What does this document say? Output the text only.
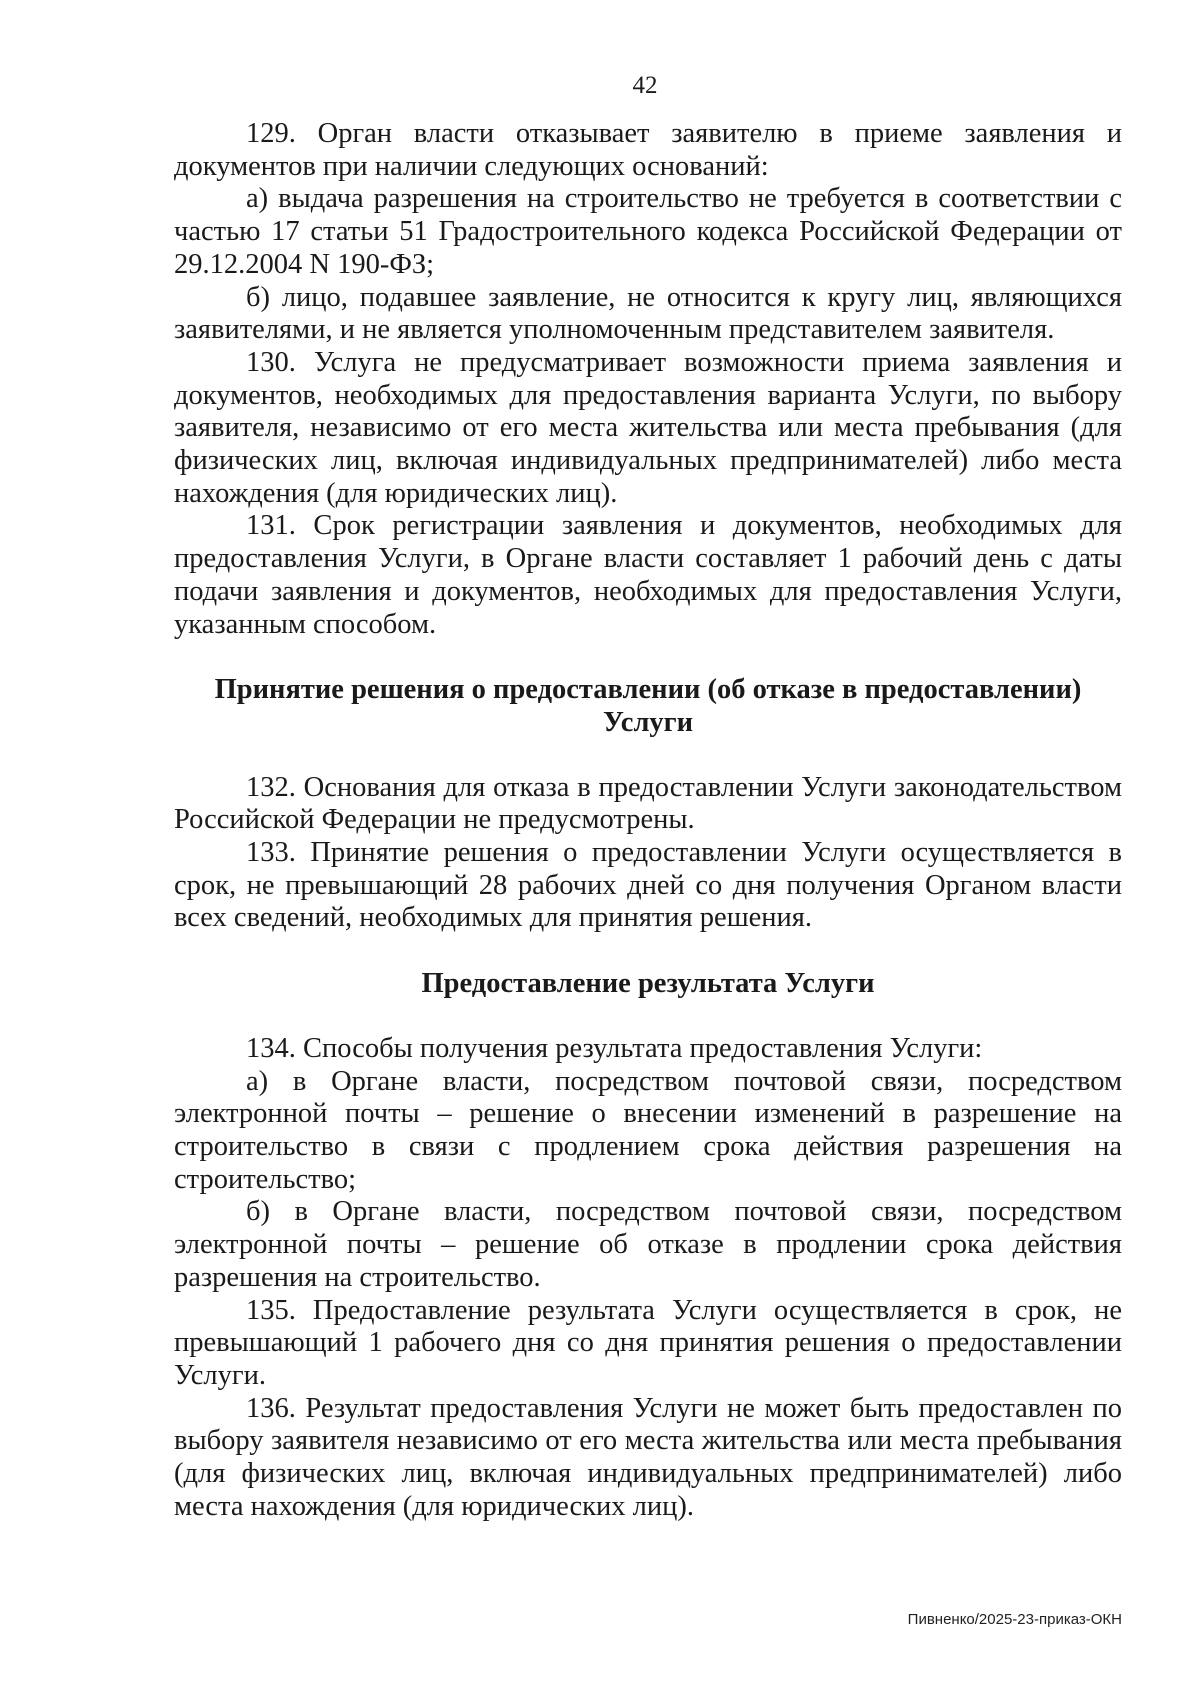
42

129. Орган власти отказывает заявителю в приеме заявления и документов при наличии следующих оснований:

а) выдача разрешения на строительство не требуется в соответствии с частью 17 статьи 51 Градостроительного кодекса Российской Федерации от 29.12.2004 N 190-ФЗ;

б) лицо, подавшее заявление, не относится к кругу лиц, являющихся заявителями, и не является уполномоченным представителем заявителя.

130. Услуга не предусматривает возможности приема заявления и документов, необходимых для предоставления варианта Услуги, по выбору заявителя, независимо от его места жительства или места пребывания (для физических лиц, включая индивидуальных предпринимателей) либо места нахождения (для юридических лиц).

131. Срок регистрации заявления и документов, необходимых для предоставления Услуги, в Органе власти составляет 1 рабочий день с даты подачи заявления и документов, необходимых для предоставления Услуги, указанным способом.

Принятие решения о предоставлении (об отказе в предоставлении) Услуги

132. Основания для отказа в предоставлении Услуги законодательством Российской Федерации не предусмотрены.

133. Принятие решения о предоставлении Услуги осуществляется в срок, не превышающий 28 рабочих дней со дня получения Органом власти всех сведений, необходимых для принятия решения.

Предоставление результата Услуги

134. Способы получения результата предоставления Услуги:

а) в Органе власти, посредством почтовой связи, посредством электронной почты – решение о внесении изменений в разрешение на строительство в связи с продлением срока действия разрешения на строительство;

б) в Органе власти, посредством почтовой связи, посредством электронной почты – решение об отказе в продлении срока действия разрешения на строительство.

135. Предоставление результата Услуги осуществляется в срок, не превышающий 1 рабочего дня со дня принятия решения о предоставлении Услуги.

136. Результат предоставления Услуги не может быть предоставлен по выбору заявителя независимо от его места жительства или места пребывания (для физических лиц, включая индивидуальных предпринимателей) либо места нахождения (для юридических лиц).

Пивненко/2025-23-приказ-ОКН
